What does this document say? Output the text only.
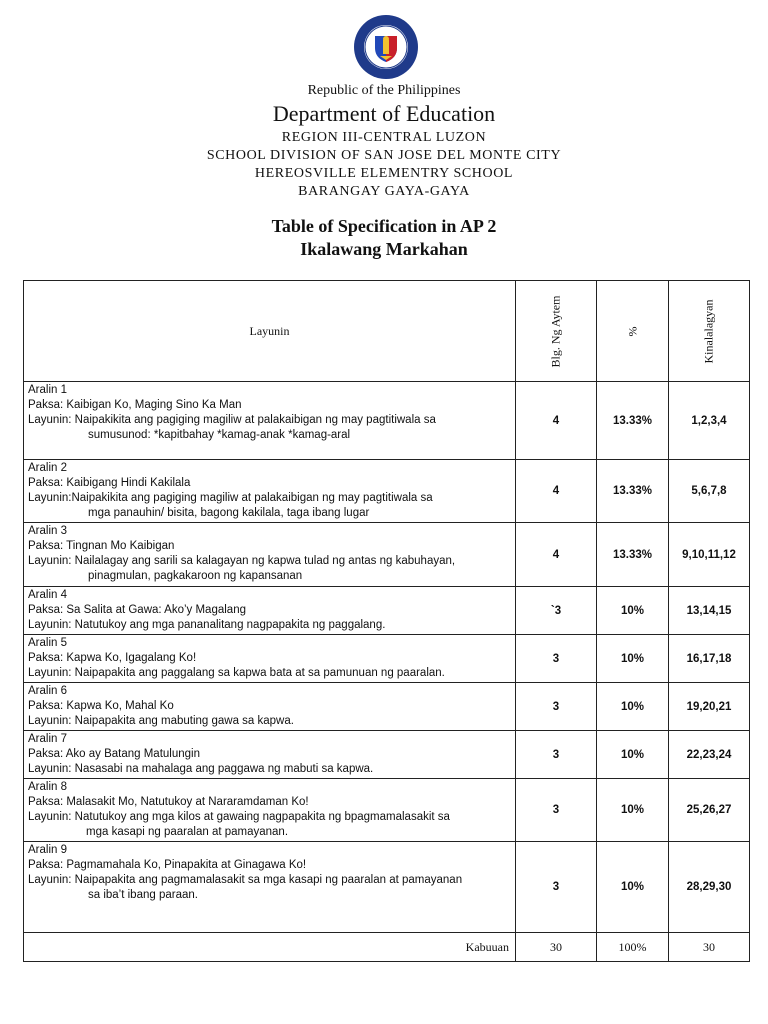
Republic of the Philippines
Department of Education
REGION III-CENTRAL LUZON
SCHOOL DIVISION OF SAN JOSE DEL MONTE CITY
HEREOSVILLE ELEMENTRY SCHOOL
BARANGAY GAYA-GAYA
Table of Specification in AP 2
Ikalawang Markahan
Layunin	Blg. Ng Aytem	%	Kinalalagyan

Aralin 1
Paksa: Kaibigan Ko, Maging Sino Ka Man
Layunin: Naipakikita ang pagiging magiliw at palakaibigan ng may pagtitiwala sa
sumusunod: *kapitbahay *kamag-anak *kamag-aral	4	13.33%	1,2,3,4

Aralin 2
Paksa: Kaibigang Hindi Kakilala
Layunin:Naipakikita ang pagiging magiliw at palakaibigan ng may pagtitiwala sa
mga panauhin/ bisita, bagong kakilala, taga ibang lugar	4	13.33%	5,6,7,8

Aralin 3
Paksa: Tingnan Mo Kaibigan
Layunin: Nailalagay ang sarili sa kalagayan ng kapwa tulad ng antas ng kabuhayan,
pinagmulan, pagkakaroon ng kapansanan	4	13.33%	9,10,11,12

Aralin 4
Paksa: Sa Salita at Gawa: Ako’y Magalang
Layunin: Natutukoy ang mga pananalitang nagpapakita ng paggalang.	`3	10%	13,14,15

Aralin 5
Paksa: Kapwa Ko, Igagalang Ko!
Layunin: Naipapakita ang paggalang sa kapwa bata at sa pamunuan ng paaralan.	3	10%	16,17,18

Aralin 6
Paksa: Kapwa Ko, Mahal Ko
Layunin: Naipapakita ang mabuting gawa sa kapwa.	3	10%	19,20,21

Aralin 7
Paksa: Ako ay Batang Matulungin
Layunin: Nasasabi na mahalaga ang paggawa ng mabuti sa kapwa.	3	10%	22,23,24

Aralin 8
Paksa: Malasakit Mo, Natutukoy at Nararamdaman Ko!
Layunin: Natutukoy ang mga kilos at gawaing nagpapakita ng bpagmamalasakit sa
mga kasapi ng paaralan at pamayanan.	3	10%	25,26,27

Aralin 9
Paksa: Pagmamahala Ko, Pinapakita at Ginagawa Ko!
Layunin: Naipapakita ang pagmamalasakit sa mga kasapi ng paaralan at pamayanan
sa iba’t ibang paraan.	3	10%	28,29,30
Kabuuan	30	100%	30
